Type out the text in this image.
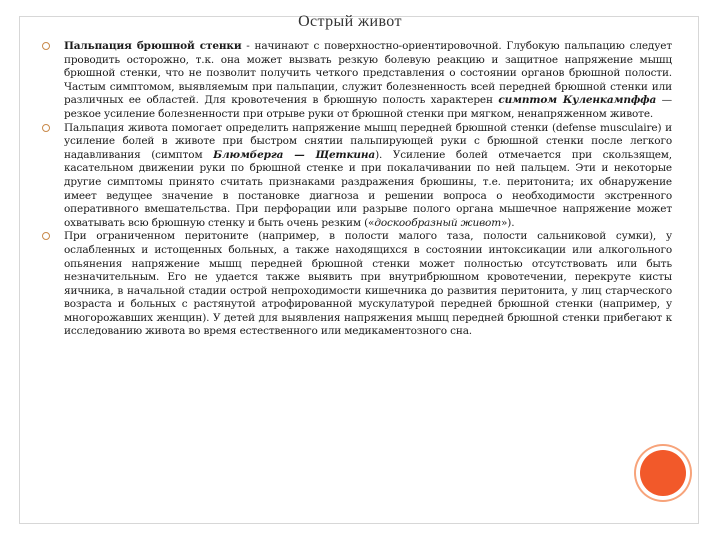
Острый живот
Пальпация брюшной стенки - начинают с поверхностно-ориентировочной. Глубокую пальпацию следует проводить осторожно, т.к. она может вызвать резкую болевую реакцию и защитное напряжение мышц брюшной стенки, что не позволит получить четкого представления о состоянии органов брюшной полости. Частым симптомом, выявляемым при пальпации, служит болезненность всей передней брюшной стенки или различных ее областей. Для кровотечения в брюшную полость характерен симптом Куленкампффа — резкое усиление болезненности при отрыве руки от брюшной стенки при мягком, ненапряженном животе.
Пальпация живота помогает определить напряжение мышц передней брюшной стенки (defense musculaire) и усиление болей в животе при быстром снятии пальпирующей руки с брюшной стенки после легкого надавливания (симптом Блюмберга — Щеткина). Усиление болей отмечается при скользящем, касательном движении руки по брюшной стенке и при покалачивании по ней пальцем. Эти и некоторые другие симптомы принято считать признаками раздражения брюшины, т.е. перитонита; их обнаружение имеет ведущее значение в постановке диагноза и решении вопроса о необходимости экстренного оперативного вмешательства. При перфорации или разрыве полого органа мышечное напряжение может охватывать всю брюшную стенку и быть очень резким («доскообразный живот»).
При ограниченном перитоните (например, в полости малого таза, полости сальниковой сумки), у ослабленных и истощенных больных, а также находящихся в состоянии интоксикации или алкогольного опьянения напряжение мышц передней брюшной стенки может полностью отсутствовать или быть незначительным. Его не удается также выявить при внутрибрюшном кровотечении, перекруте кисты яичника, в начальной стадии острой непроходимости кишечника до развития перитонита, у лиц старческого возраста и больных с растянутой атрофированной мускулатурой передней брюшной стенки (например, у многорожавших женщин). У детей для выявления напряжения мышц передней брюшной стенки прибегают к исследованию живота во время естественного или медикаментозного сна.
